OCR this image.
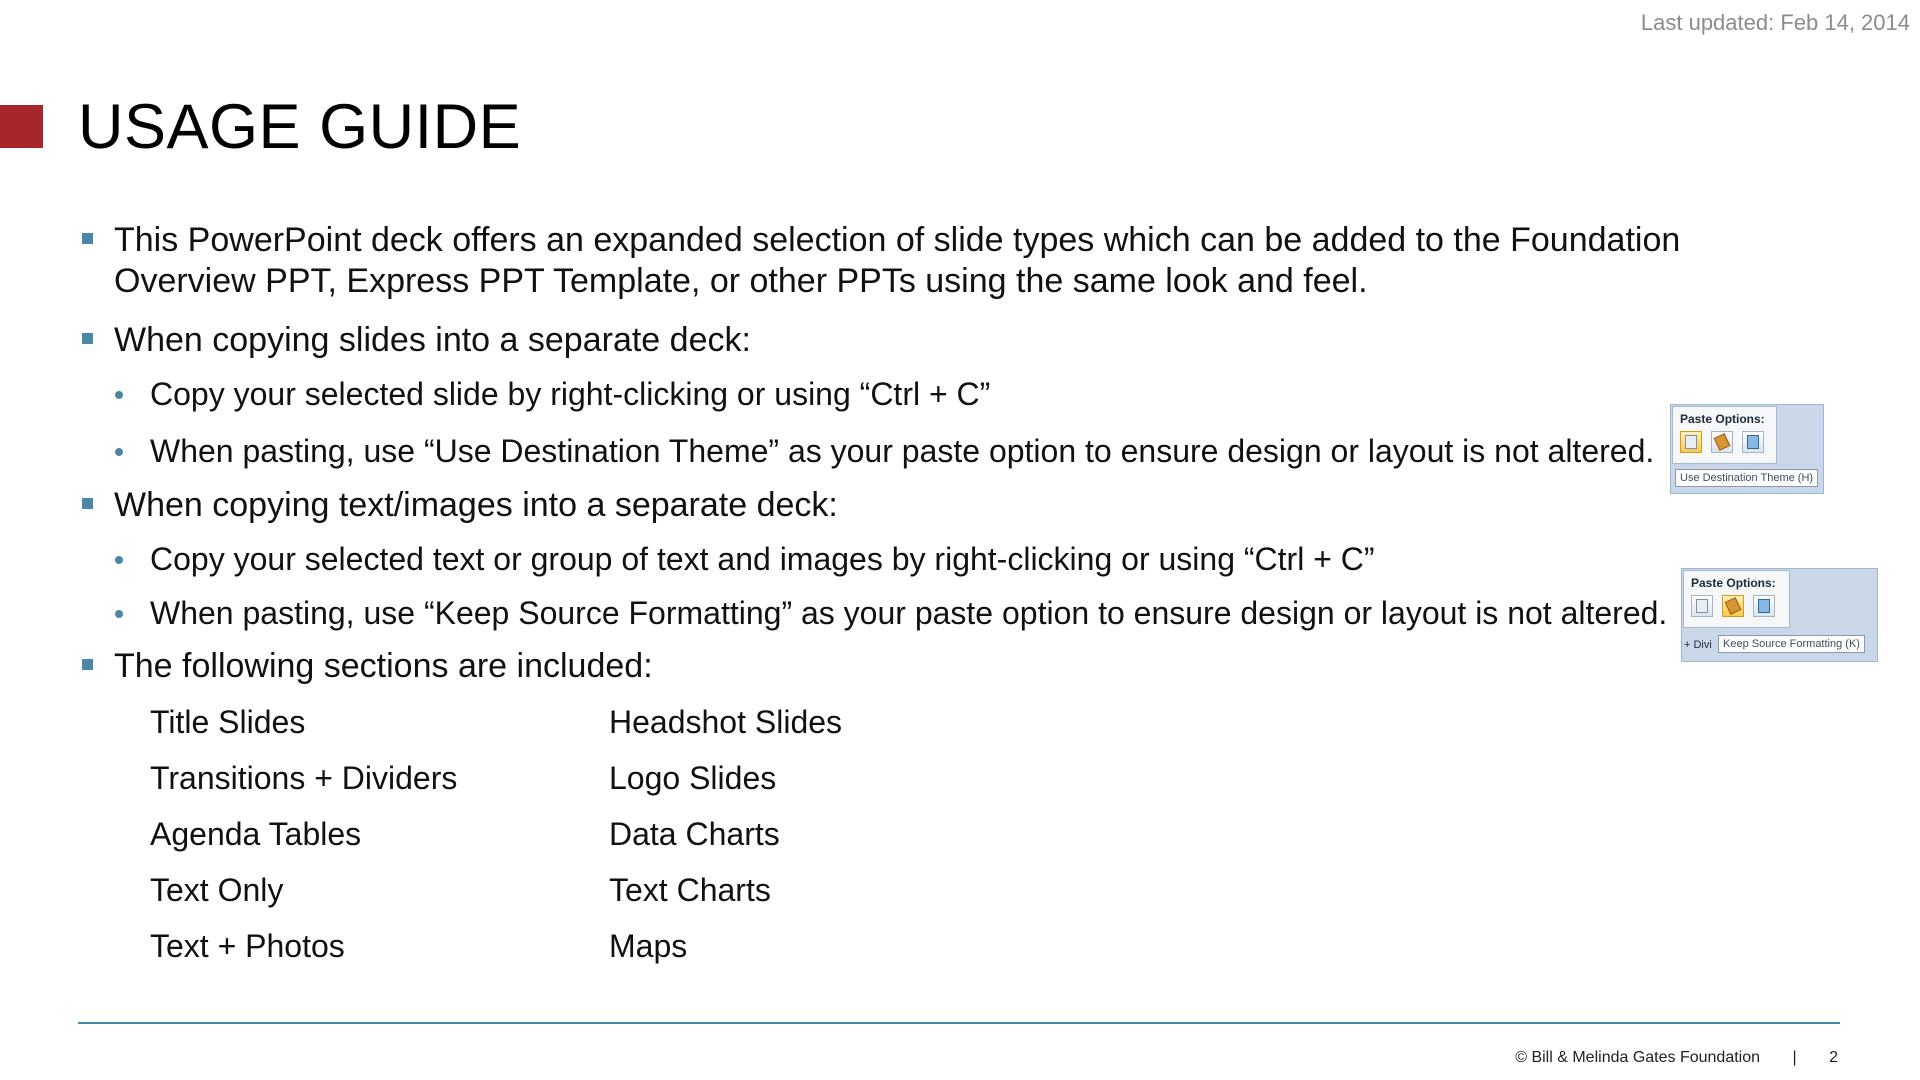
Last updated: Feb 14, 2014
USAGE GUIDE

This PowerPoint deck offers an expanded selection of slide types which can be added to the Foundation Overview PPT, Express PPT Template, or other PPTs using the same look and feel.

When copying slides into a separate deck:

Copy your selected slide by right-clicking or using “Ctrl + C”

When pasting, use “Use Destination Theme” as your paste option to ensure design or layout is not altered.

When copying text/images into a separate deck:

Copy your selected text or group of text and images by right-clicking or using “Ctrl + C”

When pasting, use “Keep Source Formatting” as your paste option to ensure design or layout is not altered.

The following sections are included:

Title Slides
Transitions + Dividers
Agenda Tables
Text Only
Text + Photos
Headshot Slides
Logo Slides
Data Charts
Text Charts
Maps
Paste Options:
Use Destination Theme (H)
Paste Options:
+ Divi	Keep Source Formatting (K)
© Bill & Melinda Gates Foundation | 2
